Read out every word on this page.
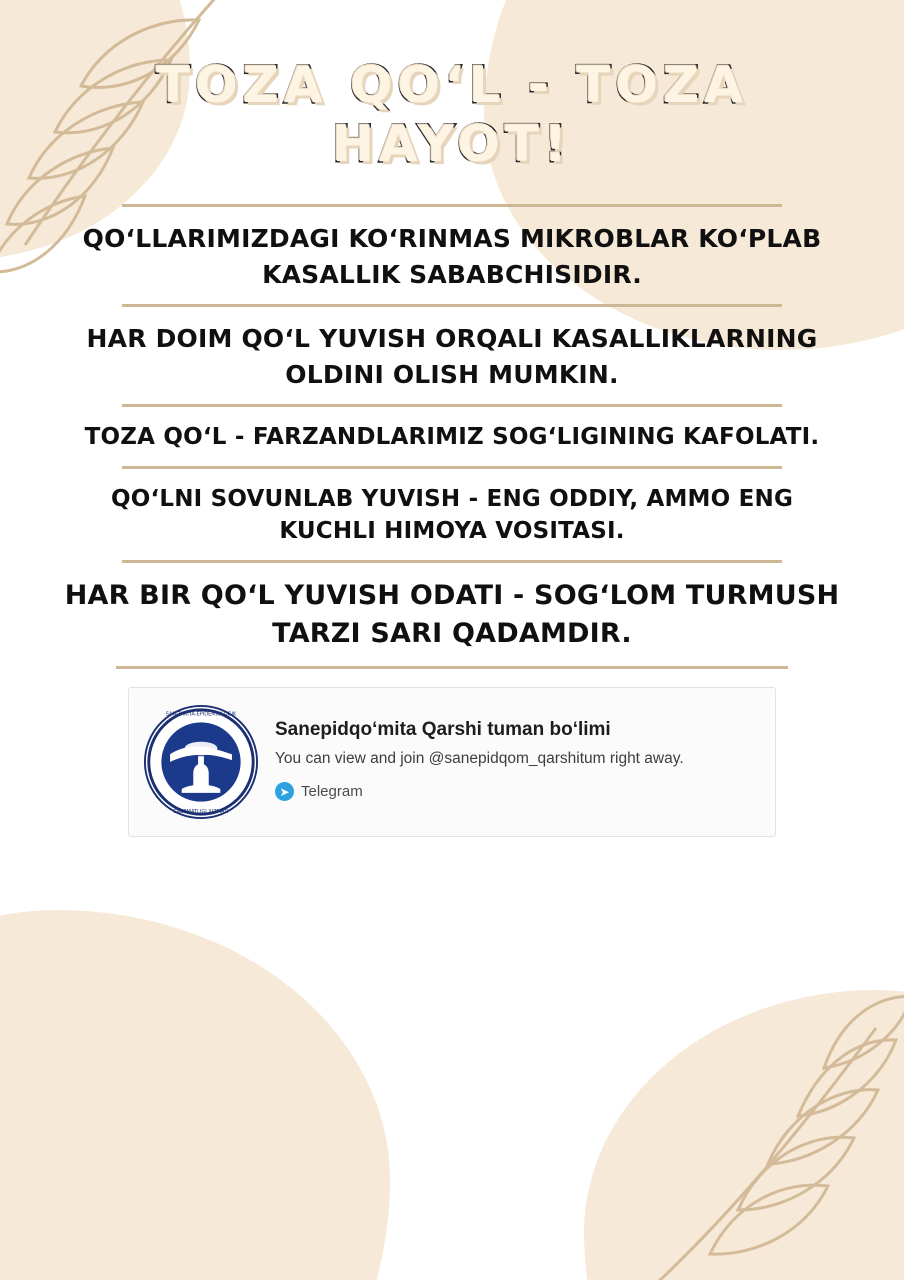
TOZA QO‘L - TOZA HAYOT!

QO‘LLARIMIZDAGI KO‘RINMAS MIKROBLAR KO‘PLAB KASALLIK SABABCHISIDIR.

HAR DOIM QO‘L YUVISH ORQALI KASALLIKLARNING OLDINI OLISH MUMKIN.

TOZA QO‘L - FARZANDLARIMIZ SOG‘LIGINING KAFOLATI.

QO‘LNI SOVUNLAB YUVISH - ENG ODDIY, AMMO ENG KUCHLI HIMOYA VOSITASI.

HAR BIR QO‘L YUVISH ODATI - SOG‘LOM TURMUSH TARZI SARI QADAMDIR.

SANITARIYA-EPIDEMIOLOGIK
SALOMATLIGI XIZMATI

Sanepidqo‘mita Qarshi tuman bo‘limi

You can view and join @sanepidqom_qarshitum right away.

➤ Telegram
